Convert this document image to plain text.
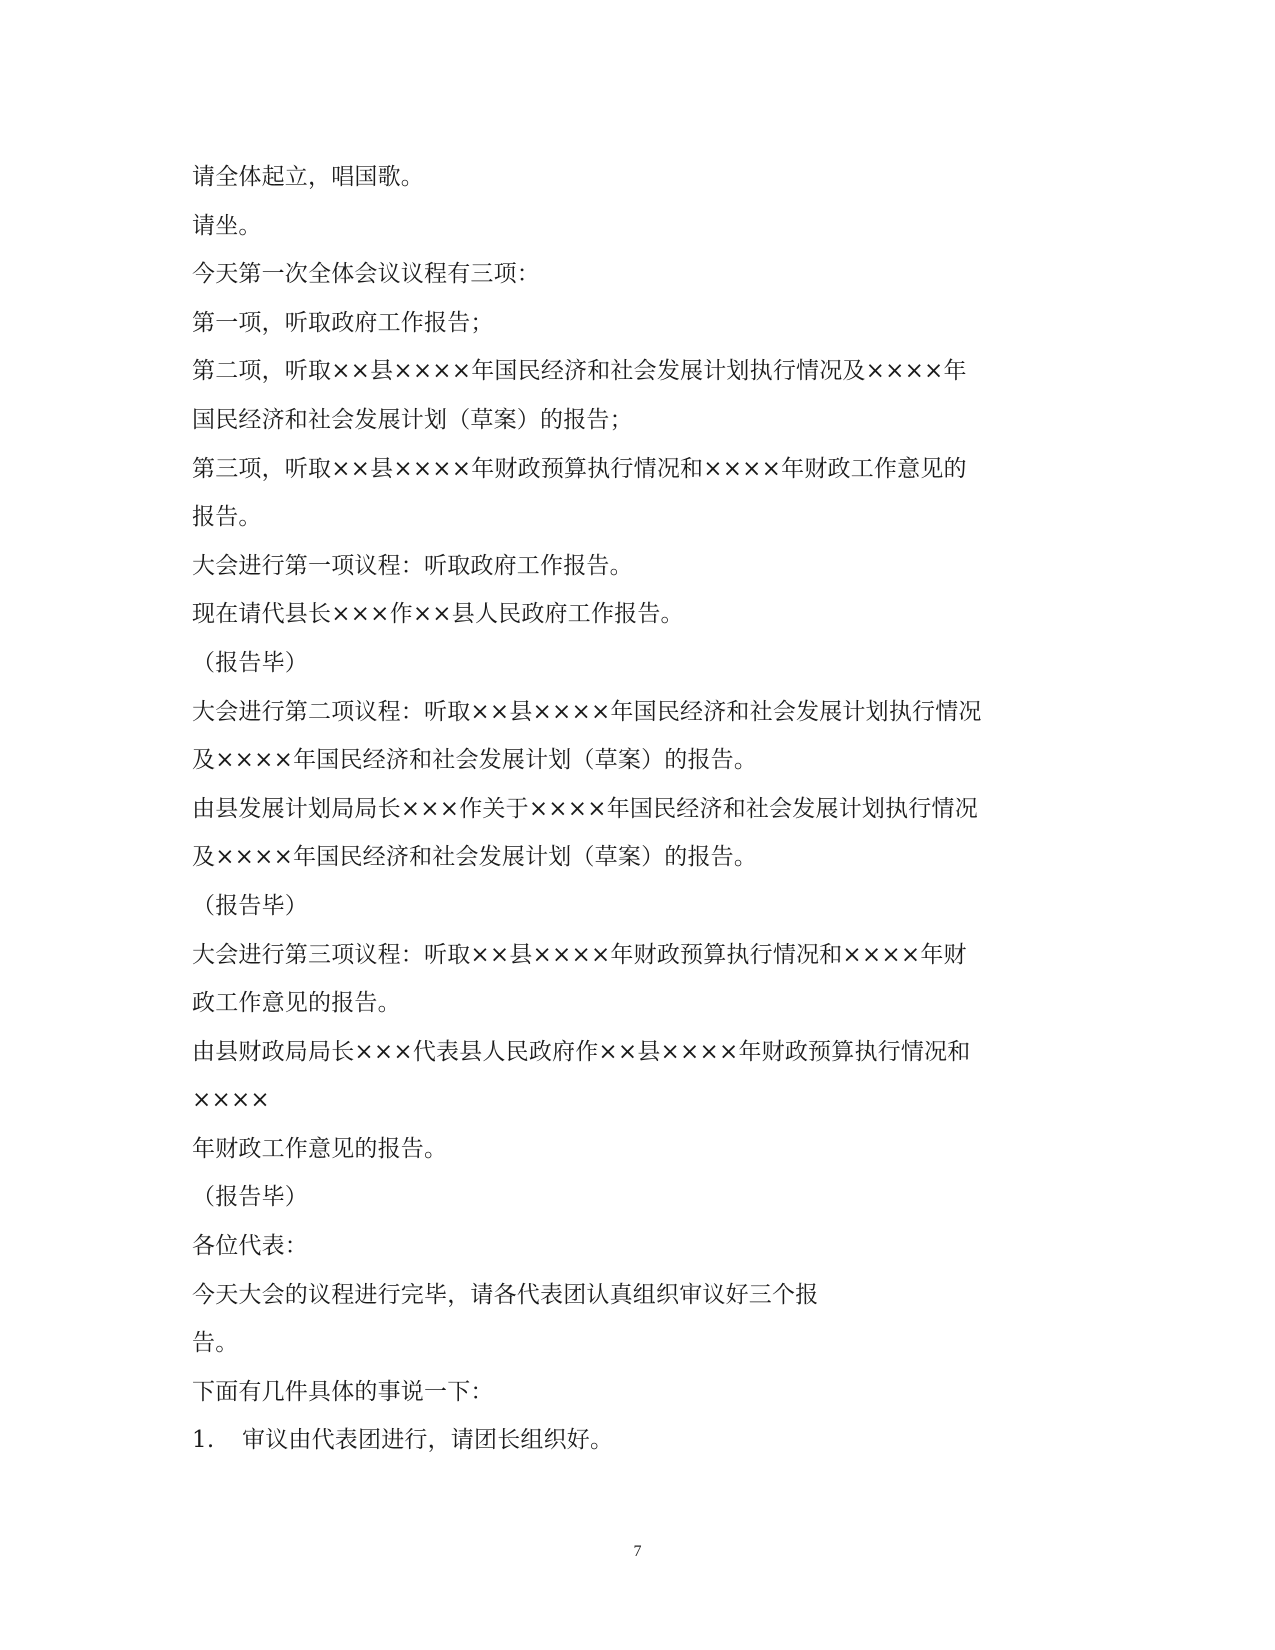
请全体起立，唱国歌。
请坐。
今天第一次全体会议议程有三项：
第一项，听取政府工作报告；
第二项，听取××县××××年国民经济和社会发展计划执行情况及××××年
国民经济和社会发展计划（草案）的报告；
第三项，听取××县××××年财政预算执行情况和××××年财政工作意见的
报告。
大会进行第一项议程：听取政府工作报告。
现在请代县长×××作××县人民政府工作报告。
（报告毕）
大会进行第二项议程：听取××县××××年国民经济和社会发展计划执行情况
及××××年国民经济和社会发展计划（草案）的报告。
由县发展计划局局长×××作关于××××年国民经济和社会发展计划执行情况
及××××年国民经济和社会发展计划（草案）的报告。
（报告毕）
大会进行第三项议程：听取××县××××年财政预算执行情况和××××年财
政工作意见的报告。
由县财政局局长×××代表县人民政府作××县××××年财政预算执行情况和
××××
年财政工作意见的报告。
（报告毕）
各位代表：
今天大会的议程进行完毕，请各代表团认真组织审议好三个报
告。
下面有几件具体的事说一下：
1. 审议由代表团进行，请团长组织好。
7
